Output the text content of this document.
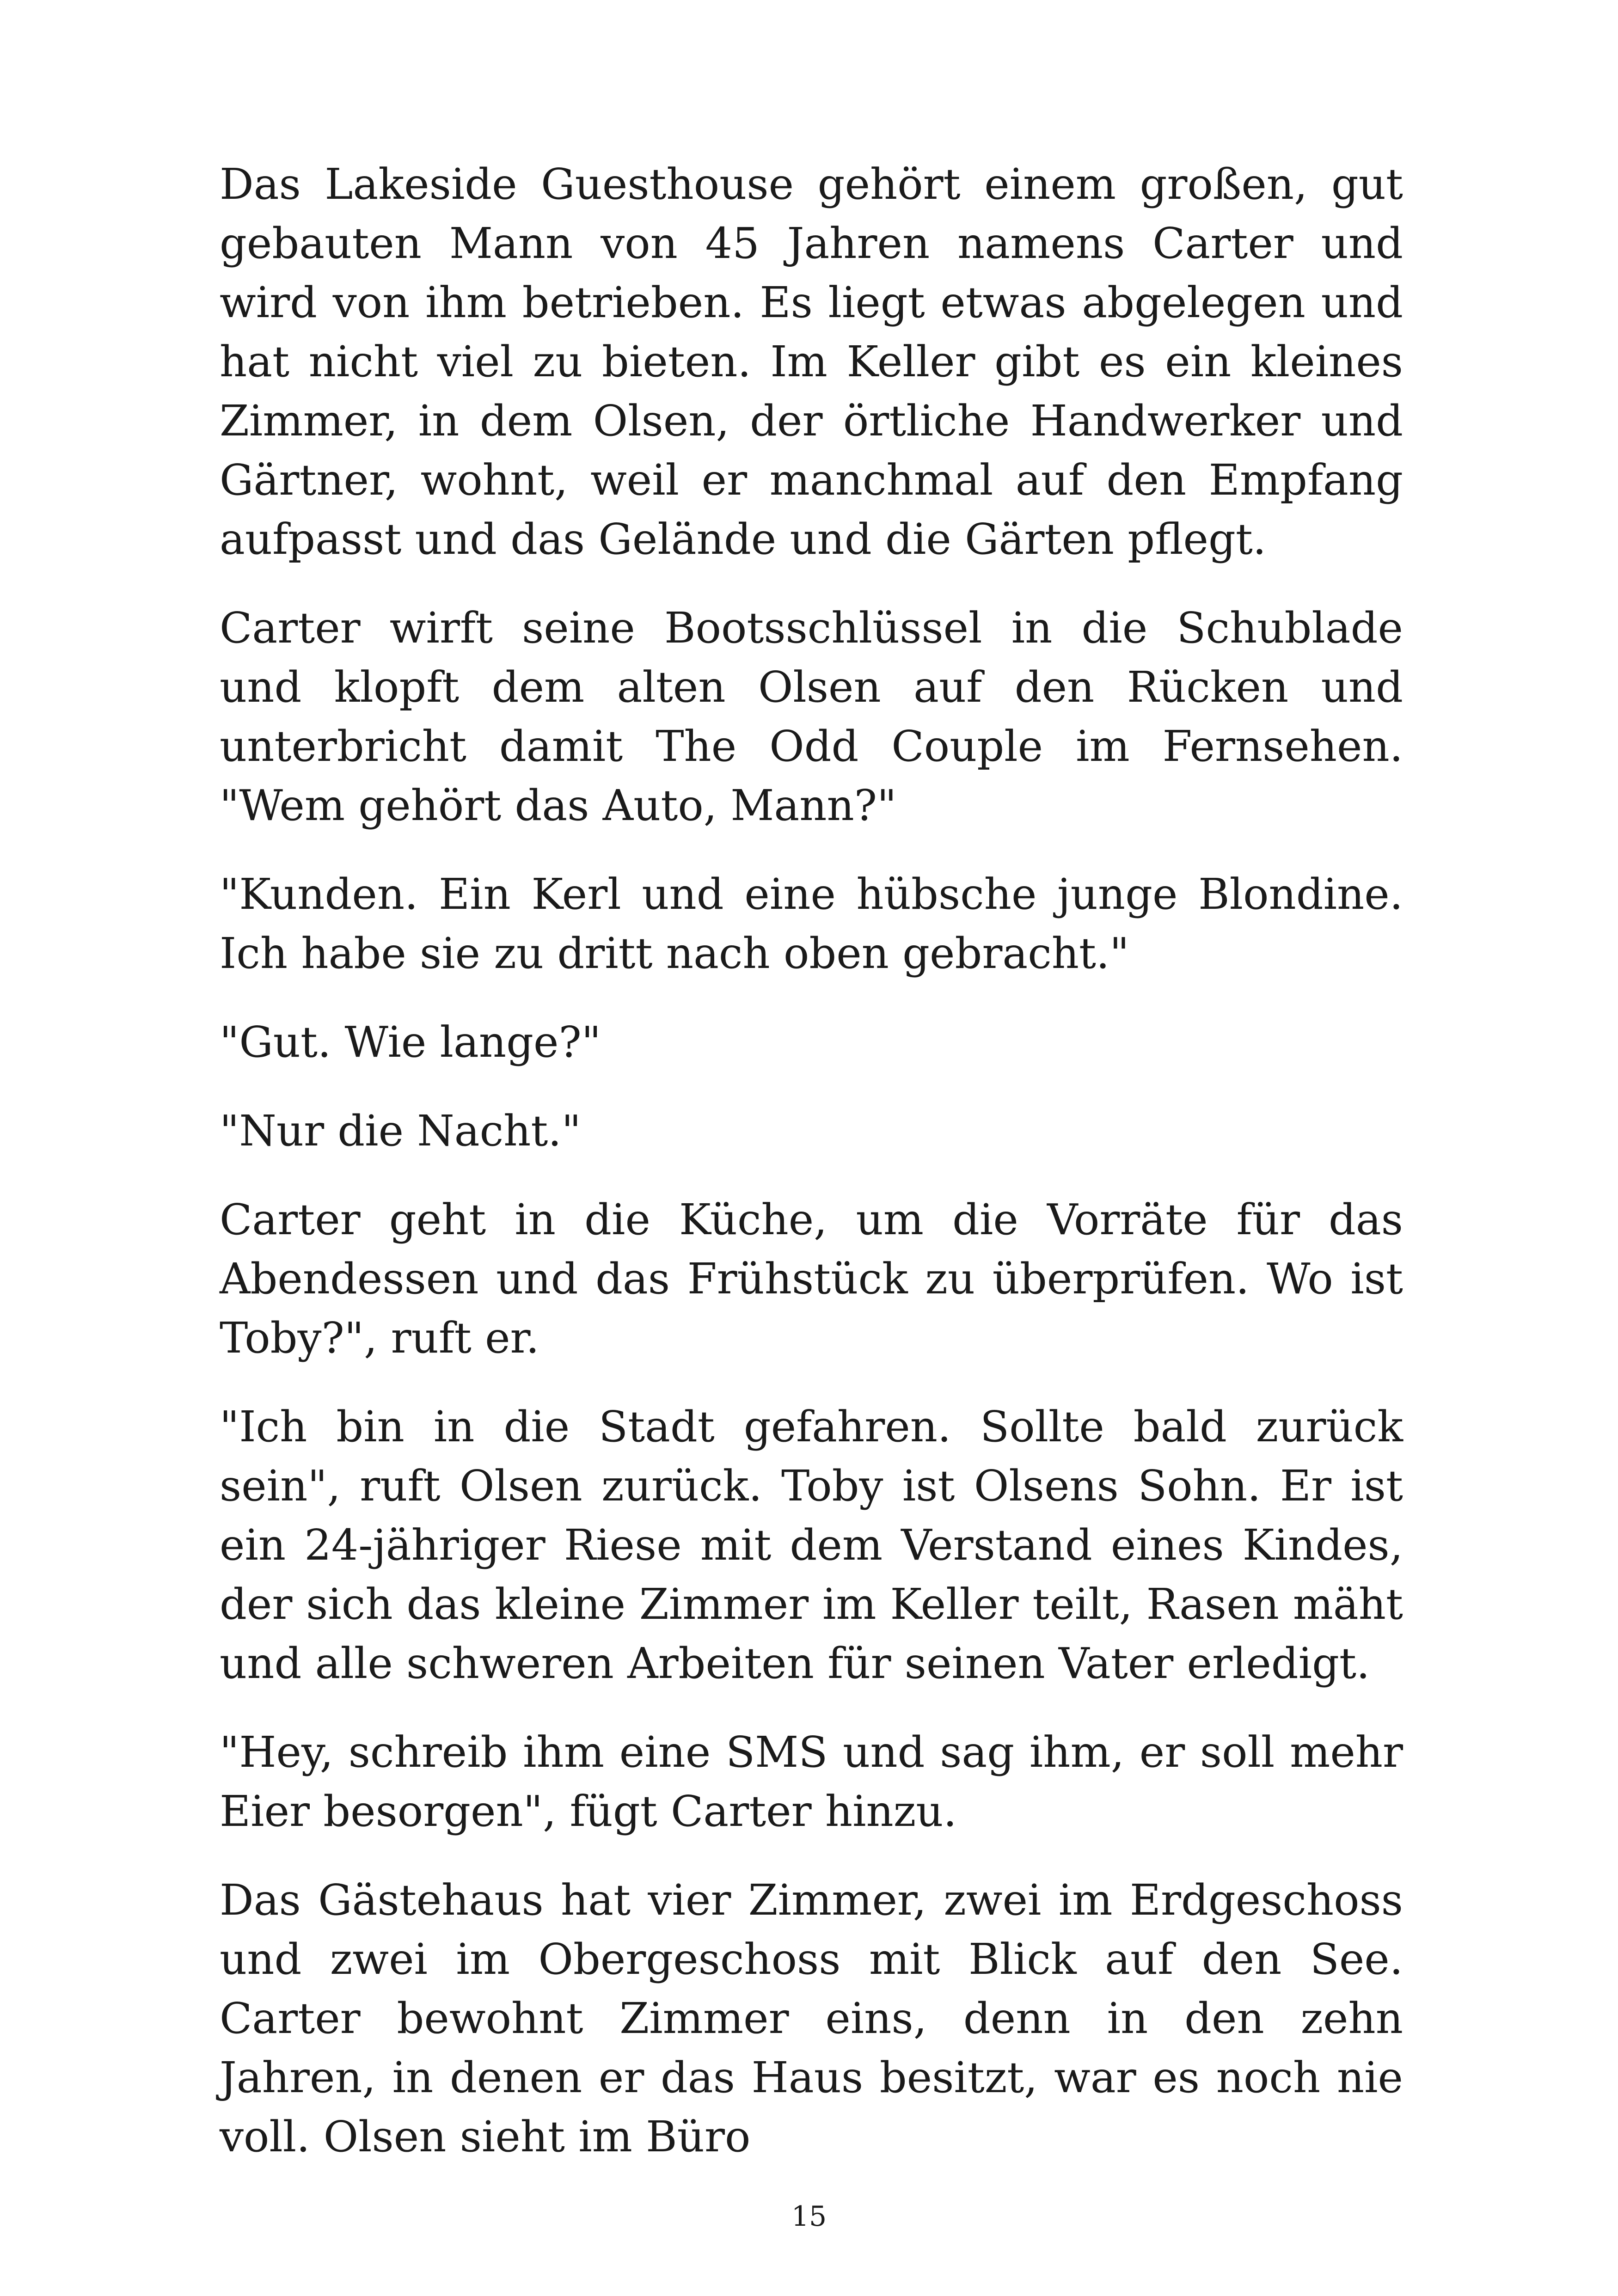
Das Lakeside Guesthouse gehört einem großen, gut gebauten Mann von 45 Jahren namens Carter und wird von ihm betrieben. Es liegt etwas abgelegen und hat nicht viel zu bieten. Im Keller gibt es ein kleines Zimmer, in dem Olsen, der örtliche Handwerker und Gärtner, wohnt, weil er manchmal auf den Empfang aufpasst und das Gelände und die Gärten pflegt.

Carter wirft seine Bootsschlüssel in die Schublade und klopft dem alten Olsen auf den Rücken und unterbricht damit The Odd Couple im Fernsehen. "Wem gehört das Auto, Mann?"

"Kunden. Ein Kerl und eine hübsche junge Blondine. Ich habe sie zu dritt nach oben gebracht."

"Gut. Wie lange?"

"Nur die Nacht."

Carter geht in die Küche, um die Vorräte für das Abendessen und das Frühstück zu überprüfen. Wo ist Toby?", ruft er.

"Ich bin in die Stadt gefahren. Sollte bald zurück sein", ruft Olsen zurück. Toby ist Olsens Sohn. Er ist ein 24-jähriger Riese mit dem Verstand eines Kindes, der sich das kleine Zimmer im Keller teilt, Rasen mäht und alle schweren Arbeiten für seinen Vater erledigt.

"Hey, schreib ihm eine SMS und sag ihm, er soll mehr Eier besorgen", fügt Carter hinzu.

Das Gästehaus hat vier Zimmer, zwei im Erdgeschoss und zwei im Obergeschoss mit Blick auf den See. Carter bewohnt Zimmer eins, denn in den zehn Jahren, in denen er das Haus besitzt, war es noch nie voll. Olsen sieht im Büro

15
